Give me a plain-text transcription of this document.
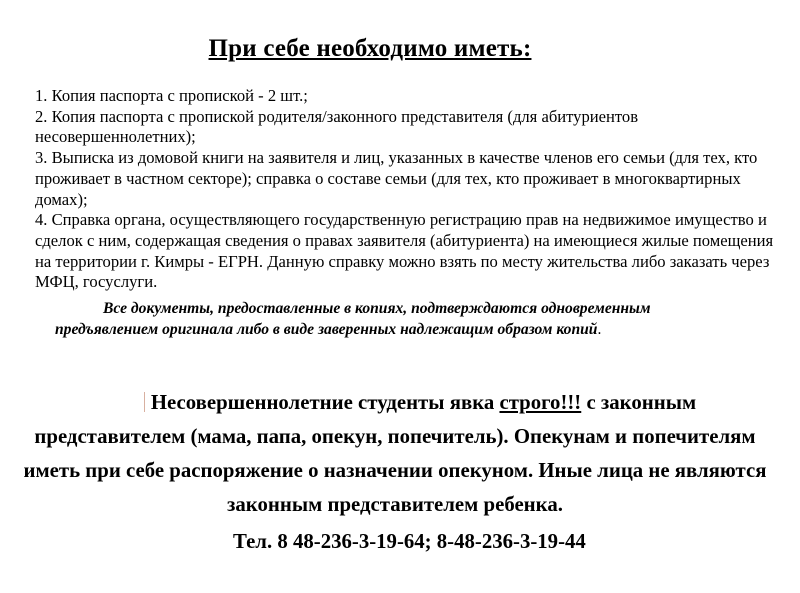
При себе необходимо иметь:
1. Копия паспорта с пропиской - 2 шт.;
2. Копия паспорта с пропиской родителя/законного представителя (для абитуриентов несовершеннолетних);
3. Выписка из домовой книги на заявителя и лиц, указанных в качестве членов его семьи (для тех, кто проживает в частном секторе); справка о составе семьи (для тех, кто проживает в многоквартирных домах);
4. Справка органа, осуществляющего государственную регистрацию прав на недвижимое имущество и сделок с ним, содержащая сведения о правах заявителя (абитуриента) на имеющиеся жилые помещения на территории г. Кимры - ЕГРН. Данную справку можно взять по месту жительства либо заказать через МФЦ, госуслуги.
Все документы, предоставленные в копиях, подтверждаются одновременным предъявлением оригинала либо в виде заверенных надлежащим образом копий.
Несовершеннолетние студенты явка строго!!! с законным представителем (мама, папа, опекун, попечитель). Опекунам и попечителям иметь при себе распоряжение о назначении опекуном. Иные лица не являются законным представителем ребенка.
Тел. 8 48-236-3-19-64; 8-48-236-3-19-44
